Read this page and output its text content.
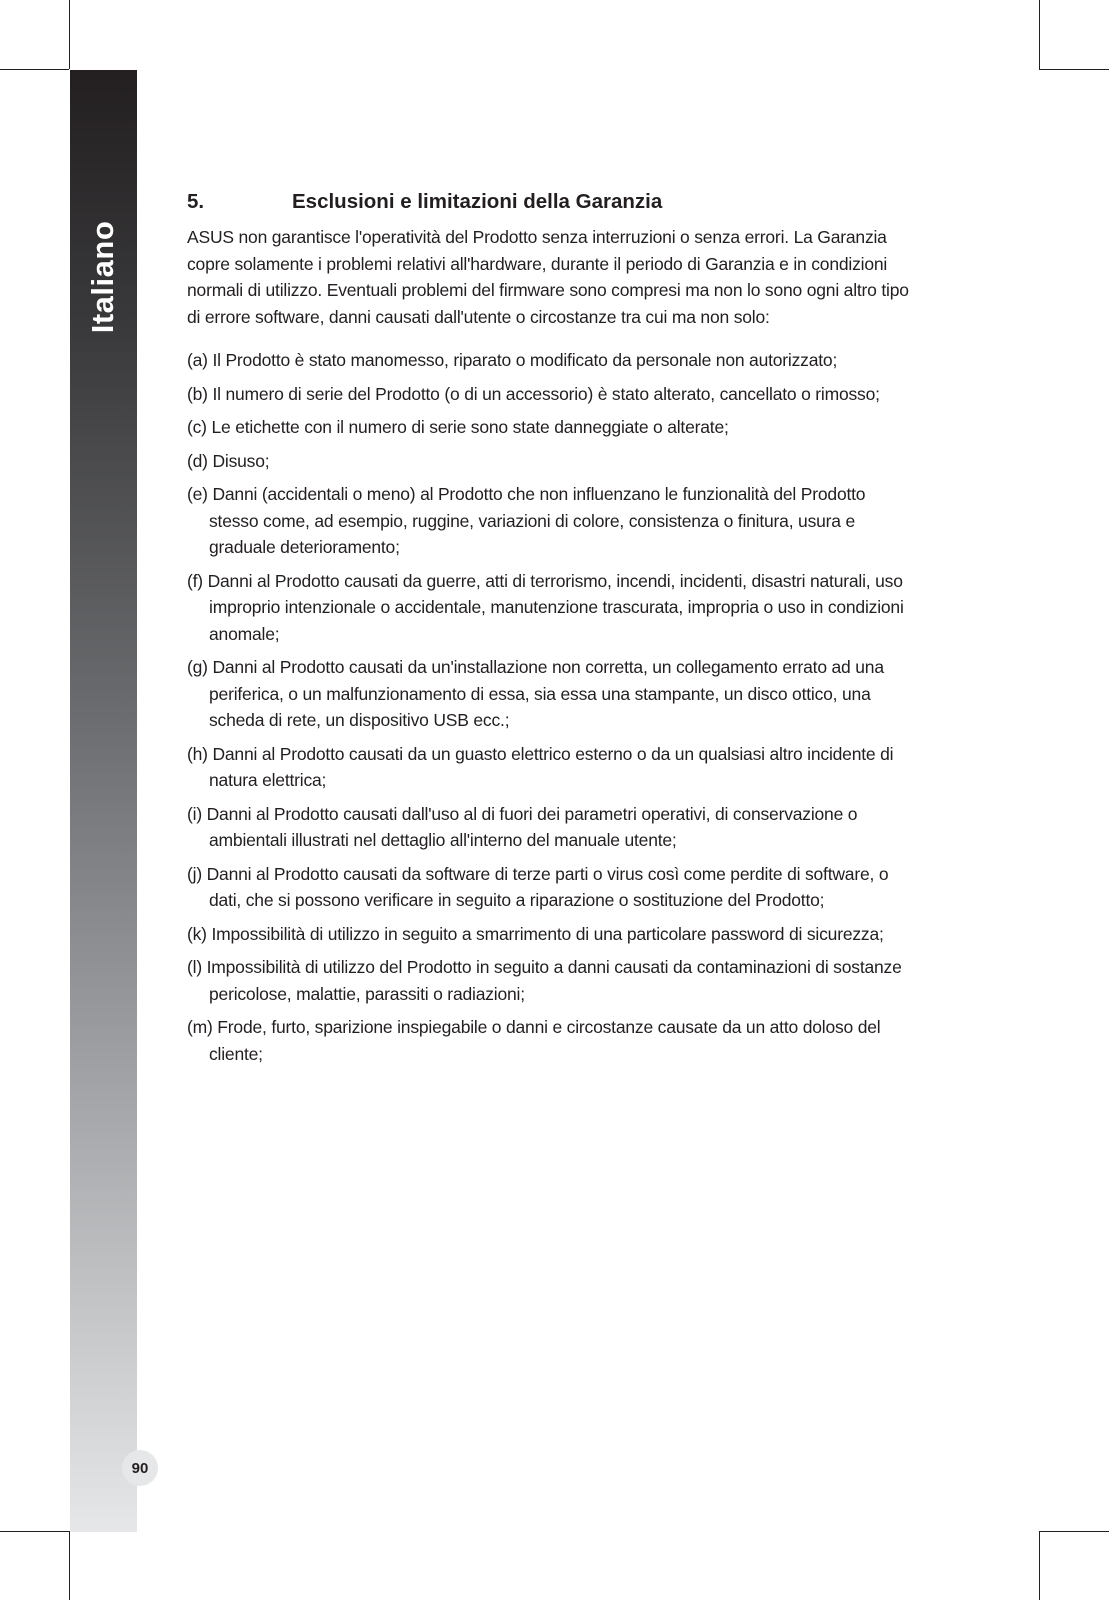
Italiano
90
5.	Esclusioni e limitazioni della Garanzia

ASUS non garantisce l'operatività del Prodotto senza interruzioni o senza errori. La Garanzia copre solamente i problemi relativi all'hardware, durante il periodo di Garanzia e in condizioni normali di utilizzo. Eventuali problemi del firmware sono compresi ma non lo sono ogni altro tipo di errore software, danni causati dall'utente o circostanze tra cui ma non solo:

(a) Il Prodotto è stato manomesso, riparato o modificato da personale non autorizzato;
(b) Il numero di serie del Prodotto (o di un accessorio) è stato alterato, cancellato o rimosso;
(c) Le etichette con il numero di serie sono state danneggiate o alterate;
(d) Disuso;
(e) Danni (accidentali o meno) al Prodotto che non influenzano le funzionalità del Prodotto stesso come, ad esempio, ruggine, variazioni di colore, consistenza o finitura, usura e graduale deterioramento;
(f) Danni al Prodotto causati da guerre, atti di terrorismo, incendi, incidenti, disastri naturali, uso improprio intenzionale o accidentale, manutenzione trascurata, impropria o uso in condizioni anomale;
(g) Danni al Prodotto causati da un'installazione non corretta, un collegamento errato ad una periferica, o un malfunzionamento di essa, sia essa una stampante, un disco ottico, una scheda di rete, un dispositivo USB ecc.;
(h) Danni al Prodotto causati da un guasto elettrico esterno o da un qualsiasi altro incidente di natura elettrica;
(i) Danni al Prodotto causati dall'uso al di fuori dei parametri operativi, di conservazione o ambientali illustrati nel dettaglio all'interno del manuale utente;
(j) Danni al Prodotto causati da software di terze parti o virus così come perdite di software, o dati, che si possono verificare in seguito a riparazione o sostituzione del Prodotto;
(k) Impossibilità di utilizzo in seguito a smarrimento di una particolare password di sicurezza;
(l) Impossibilità di utilizzo del Prodotto in seguito a danni causati da contaminazioni di sostanze pericolose, malattie, parassiti o radiazioni;
(m) Frode, furto, sparizione inspiegabile o danni e circostanze causate da un atto doloso del cliente;
